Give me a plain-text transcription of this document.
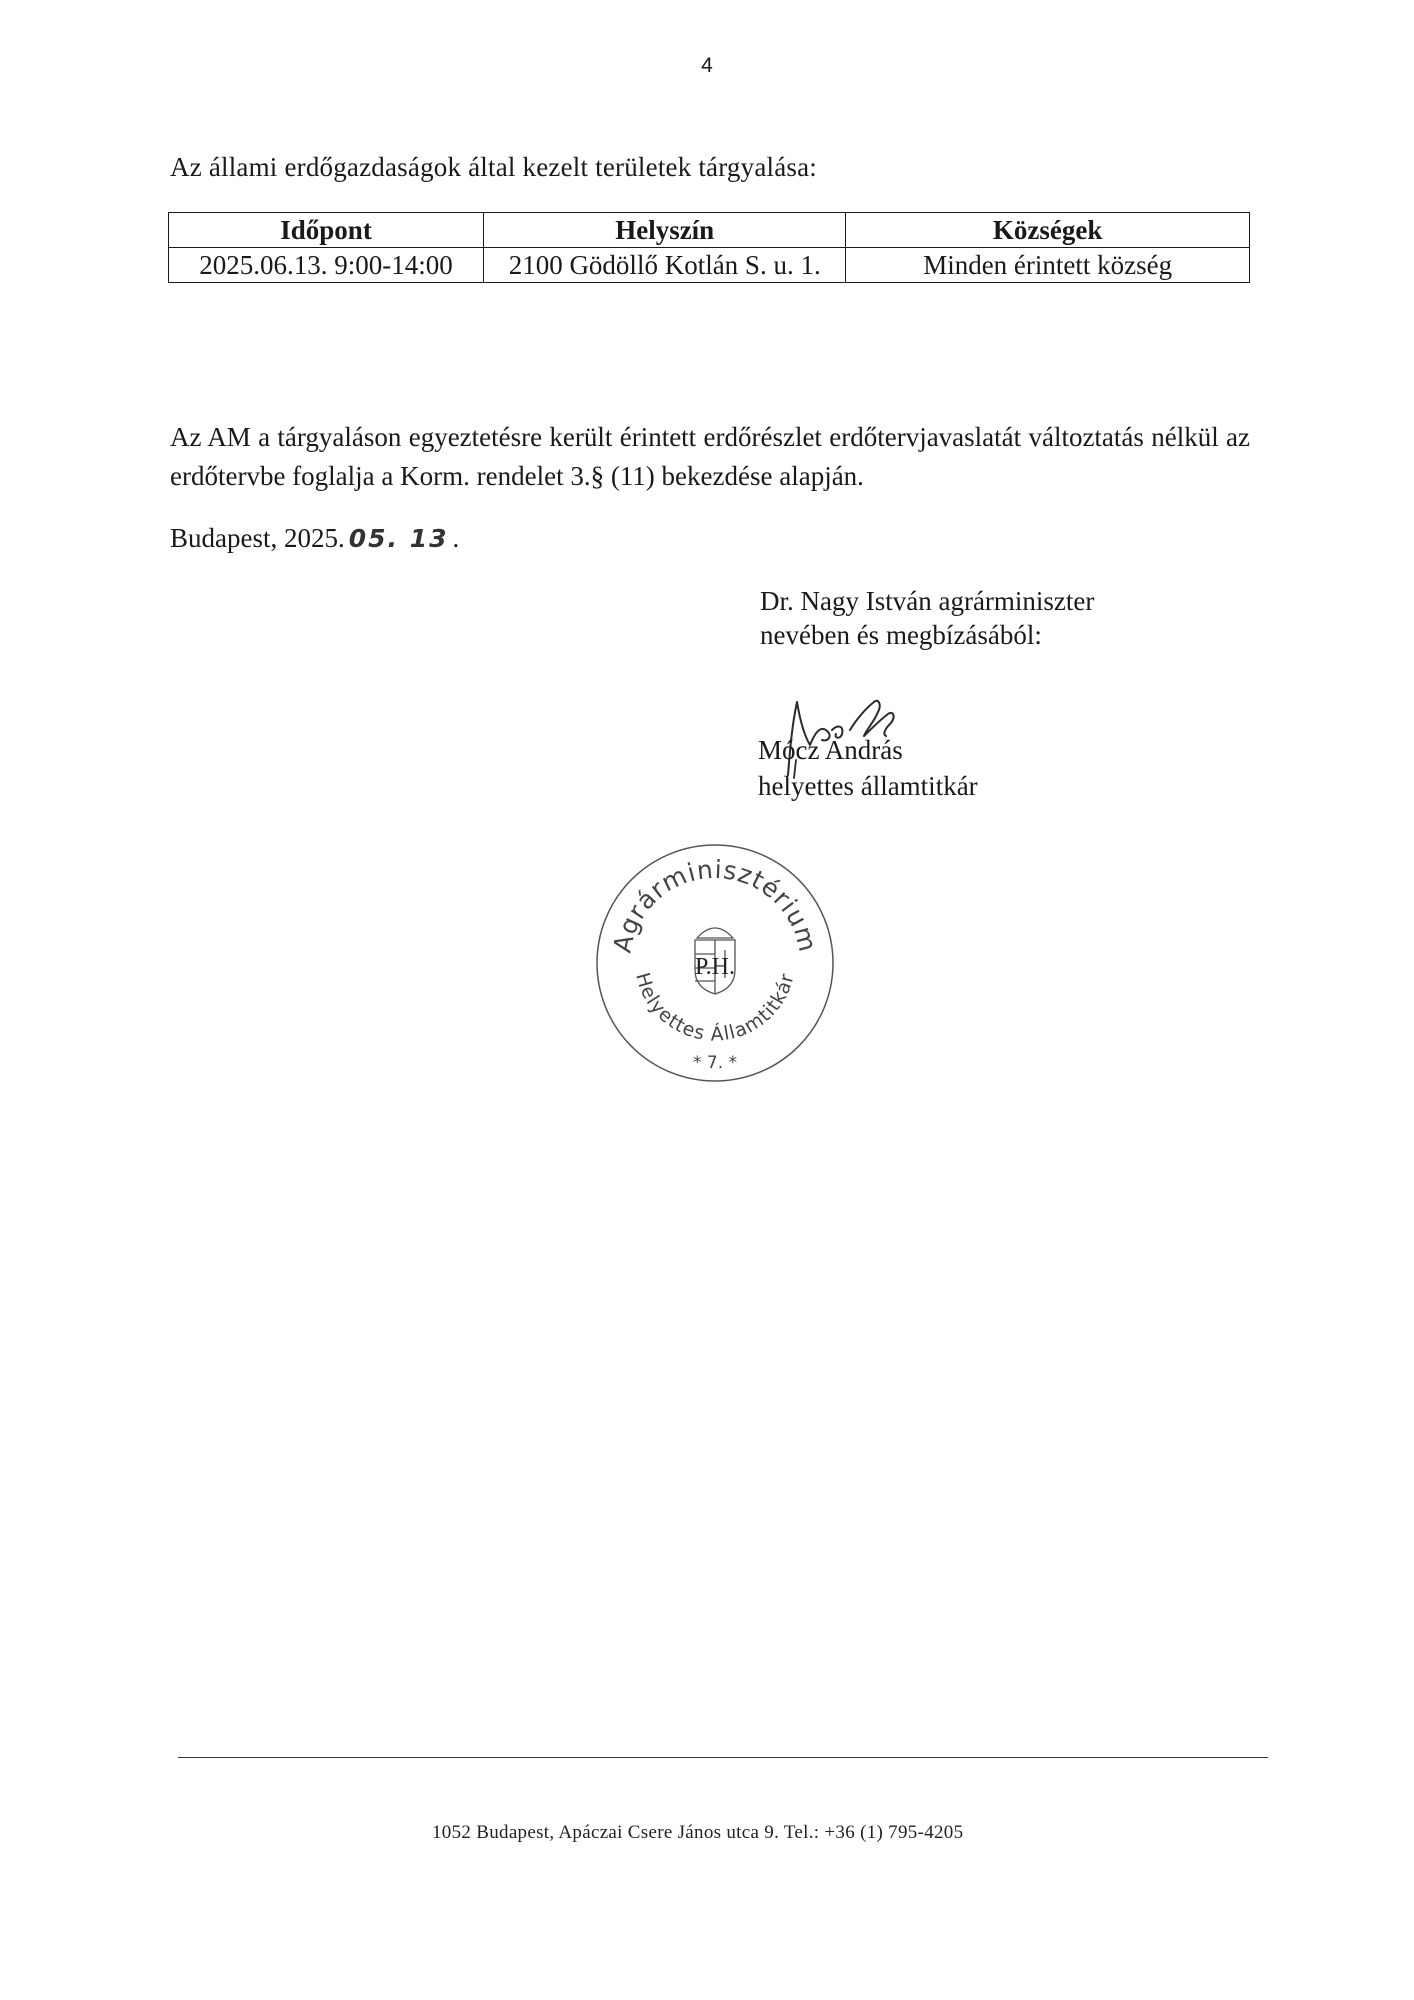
4
Az állami erdőgazdaságok által kezelt területek tárgyalása:
Időpont	Helyszín	Községek
2025.06.13. 9:00-14:00	2100 Gödöllő Kotlán S. u. 1.	Minden érintett község

Az AM a tárgyaláson egyeztetésre került érintett erdőrészlet erdőtervjavaslatát változtatás nélkül az erdőtervbe foglalja a Korm. rendelet 3.§ (11) bekezdése alapján.

Budapest, 2025. 05. 13 .
Dr. Nagy István agrárminiszter
nevében és megbízásából:
Mócz András
helyettes államtitkár
Agrárminisztérium
Helyettes Államtitkár
P.H.
* 7. *
1052 Budapest, Apáczai Csere János utca 9. Tel.: +36 (1) 795-4205
